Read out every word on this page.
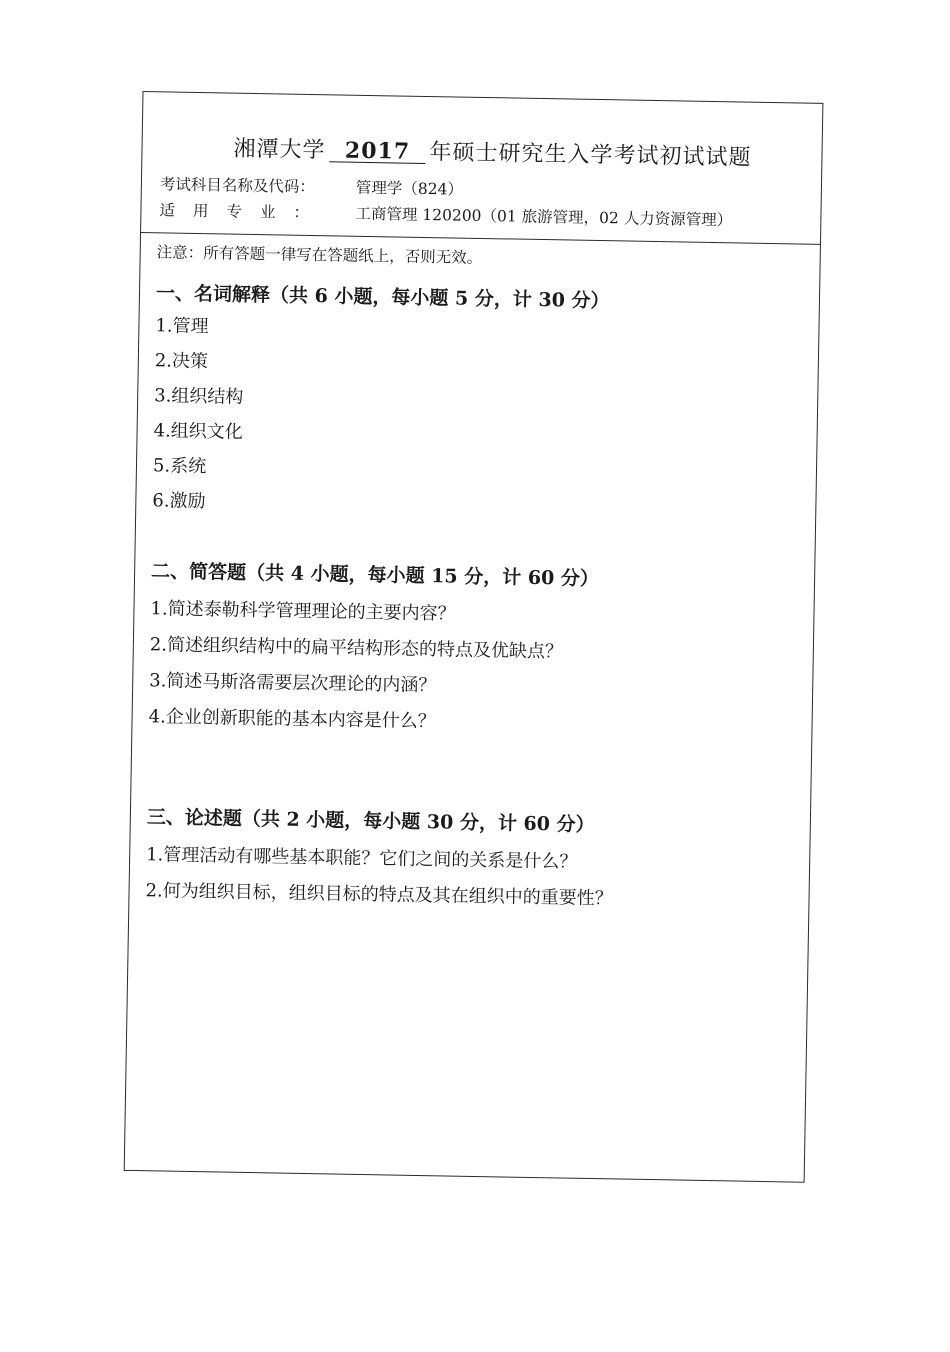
湘潭大学 2017 年硕士研究生入学考试初试试题
考试科目名称及代码：	管理学（824）
适用专业： 工商管理 120200（01 旅游管理，02 人力资源管理）
注意：所有答题一律写在答题纸上，否则无效。
一、名词解释（共 6 小题，每小题 5 分，计 30 分）
1.管理
2.决策
3.组织结构
4.组织文化
5.系统
6.激励
二、简答题（共 4 小题，每小题 15 分，计 60 分）
1.简述泰勒科学管理理论的主要内容？
2.简述组织结构中的扁平结构形态的特点及优缺点？
3.简述马斯洛需要层次理论的内涵？
4.企业创新职能的基本内容是什么？
三、论述题（共 2 小题，每小题 30 分，计 60 分）
1.管理活动有哪些基本职能？它们之间的关系是什么？
2.何为组织目标，组织目标的特点及其在组织中的重要性？
